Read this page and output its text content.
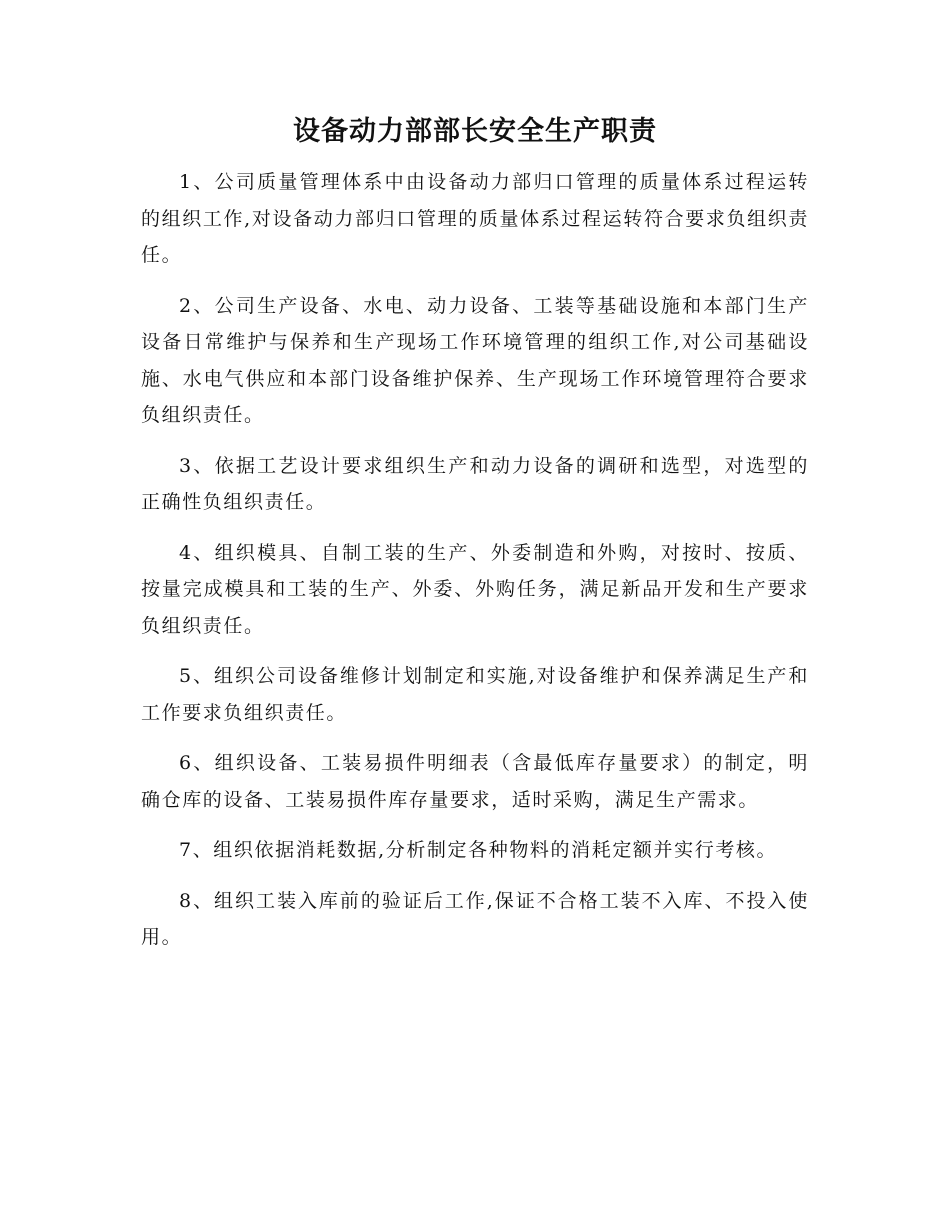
设备动力部部长安全生产职责

1、公司质量管理体系中由设备动力部归口管理的质量体系过程运转的组织工作,对设备动力部归口管理的质量体系过程运转符合要求负组织责任。

2、公司生产设备、水电、动力设备、工装等基础设施和本部门生产设备日常维护与保养和生产现场工作环境管理的组织工作,对公司基础设施、水电气供应和本部门设备维护保养、生产现场工作环境管理符合要求负组织责任。

3、依据工艺设计要求组织生产和动力设备的调研和选型，对选型的正确性负组织责任。

4、组织模具、自制工装的生产、外委制造和外购，对按时、按质、按量完成模具和工装的生产、外委、外购任务，满足新品开发和生产要求负组织责任。

5、组织公司设备维修计划制定和实施,对设备维护和保养满足生产和工作要求负组织责任。

6、组织设备、工装易损件明细表（含最低库存量要求）的制定，明确仓库的设备、工装易损件库存量要求，适时采购，满足生产需求。

7、组织依据消耗数据,分析制定各种物料的消耗定额并实行考核。

8、组织工装入库前的验证后工作,保证不合格工装不入库、不投入使用。
